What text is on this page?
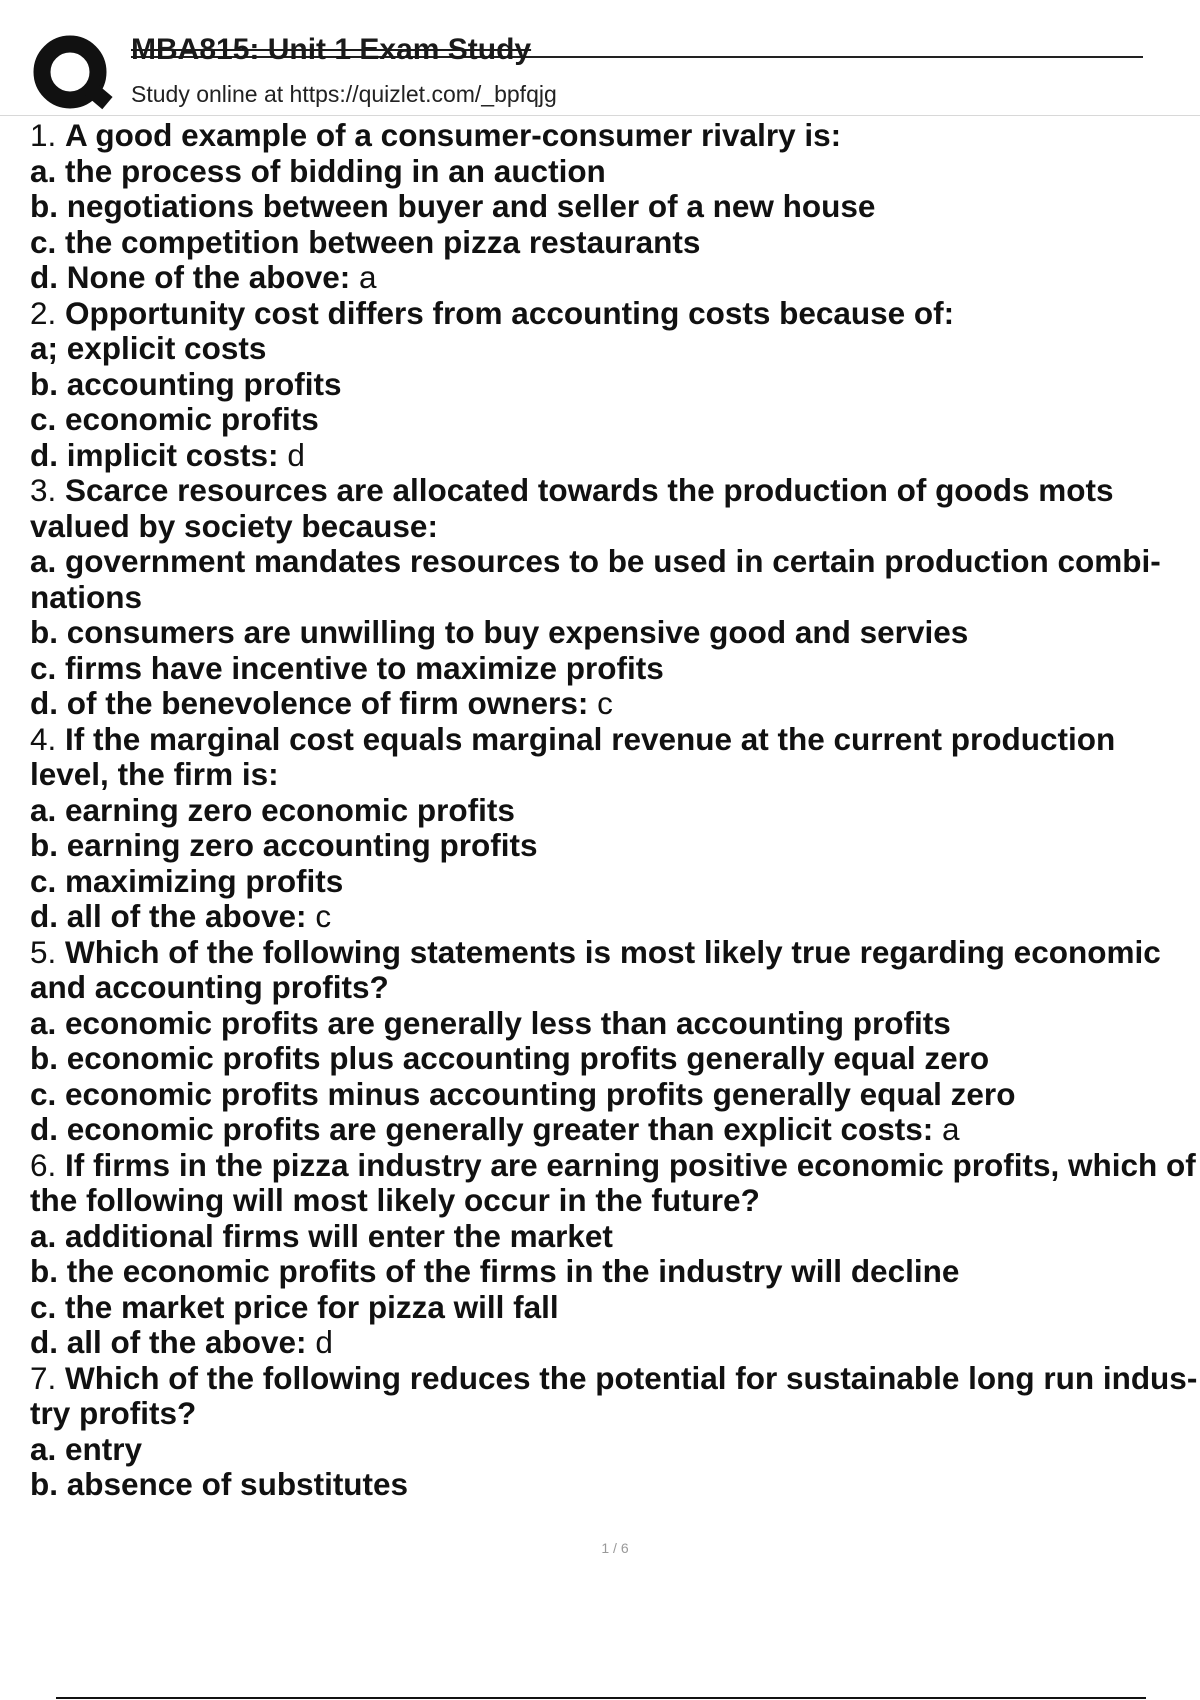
MBA815: Unit 1 Exam Study
Study online at https://quizlet.com/_bpfqjg
1. A good example of a consumer-consumer rivalry is:
a. the process of bidding in an auction
b. negotiations between buyer and seller of a new house
c. the competition between pizza restaurants
d. None of the above: a
2. Opportunity cost differs from accounting costs because of:
a; explicit costs
b. accounting profits
c. economic profits
d. implicit costs: d
3. Scarce resources are allocated towards the production of goods mots valued by society because:
a. government mandates resources to be used in certain production combi-nations
b. consumers are unwilling to buy expensive good and servies
c. firms have incentive to maximize profits
d. of the benevolence of firm owners: c
4. If the marginal cost equals marginal revenue at the current production level, the firm is:
a. earning zero economic profits
b. earning zero accounting profits
c. maximizing profits
d. all of the above: c
5. Which of the following statements is most likely true regarding economic and accounting profits?
a. economic profits are generally less than accounting profits
b. economic profits plus accounting profits generally equal zero
c. economic profits minus accounting profits generally equal zero
d. economic profits are generally greater than explicit costs: a
6. If firms in the pizza industry are earning positive economic profits, which of the following will most likely occur in the future?
a. additional firms will enter the market
b. the economic profits of the firms in the industry will decline
c. the market price for pizza will fall
d. all of the above: d
7. Which of the following reduces the potential for sustainable long run indus-try profits?
a. entry
b. absence of substitutes
1 / 6
